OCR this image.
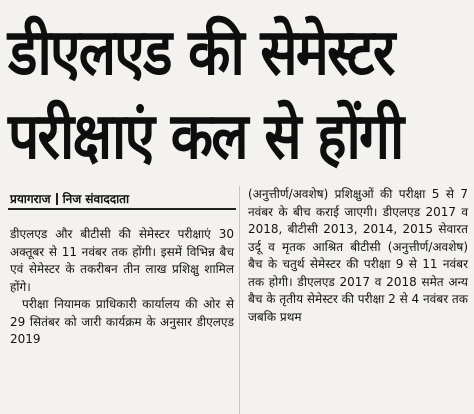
डीएलएड की सेमेस्टर
परीक्षाएं कल से होंगी
प्रयागराज निज संवाददाता

डीएलएड और बीटीसी की सेमेस्टर परीक्षाएं 30 अक्तूबर से 11 नवंबर तक होंगी। इसमें विभिन्न बैच एवं सेमेस्टर के तकरीबन तीन लाख प्रशिक्षु शामिल होंगे।

परीक्षा नियामक प्राधिकारी कार्यालय की ओर से 29 सितंबर को जारी कार्यक्रम के अनुसार डीएलएड 2019

(अनुत्तीर्ण/अवशेष) प्रशिक्षुओं की परीक्षा 5 से 7 नवंबर के बीच कराई जाएगी। डीएलएड 2017 व 2018, बीटीसी 2013, 2014, 2015 सेवारत उर्दू व मृतक आश्रित बीटीसी (अनुत्तीर्ण/अवशेष) बैच के चतुर्थ सेमेस्टर की परीक्षा 9 से 11 नवंबर तक होगी। डीएलएड 2017 व 2018 समेत अन्य बैच के तृतीय सेमेस्टर की परीक्षा 2 से 4 नवंबर तक जबकि प्रथम
